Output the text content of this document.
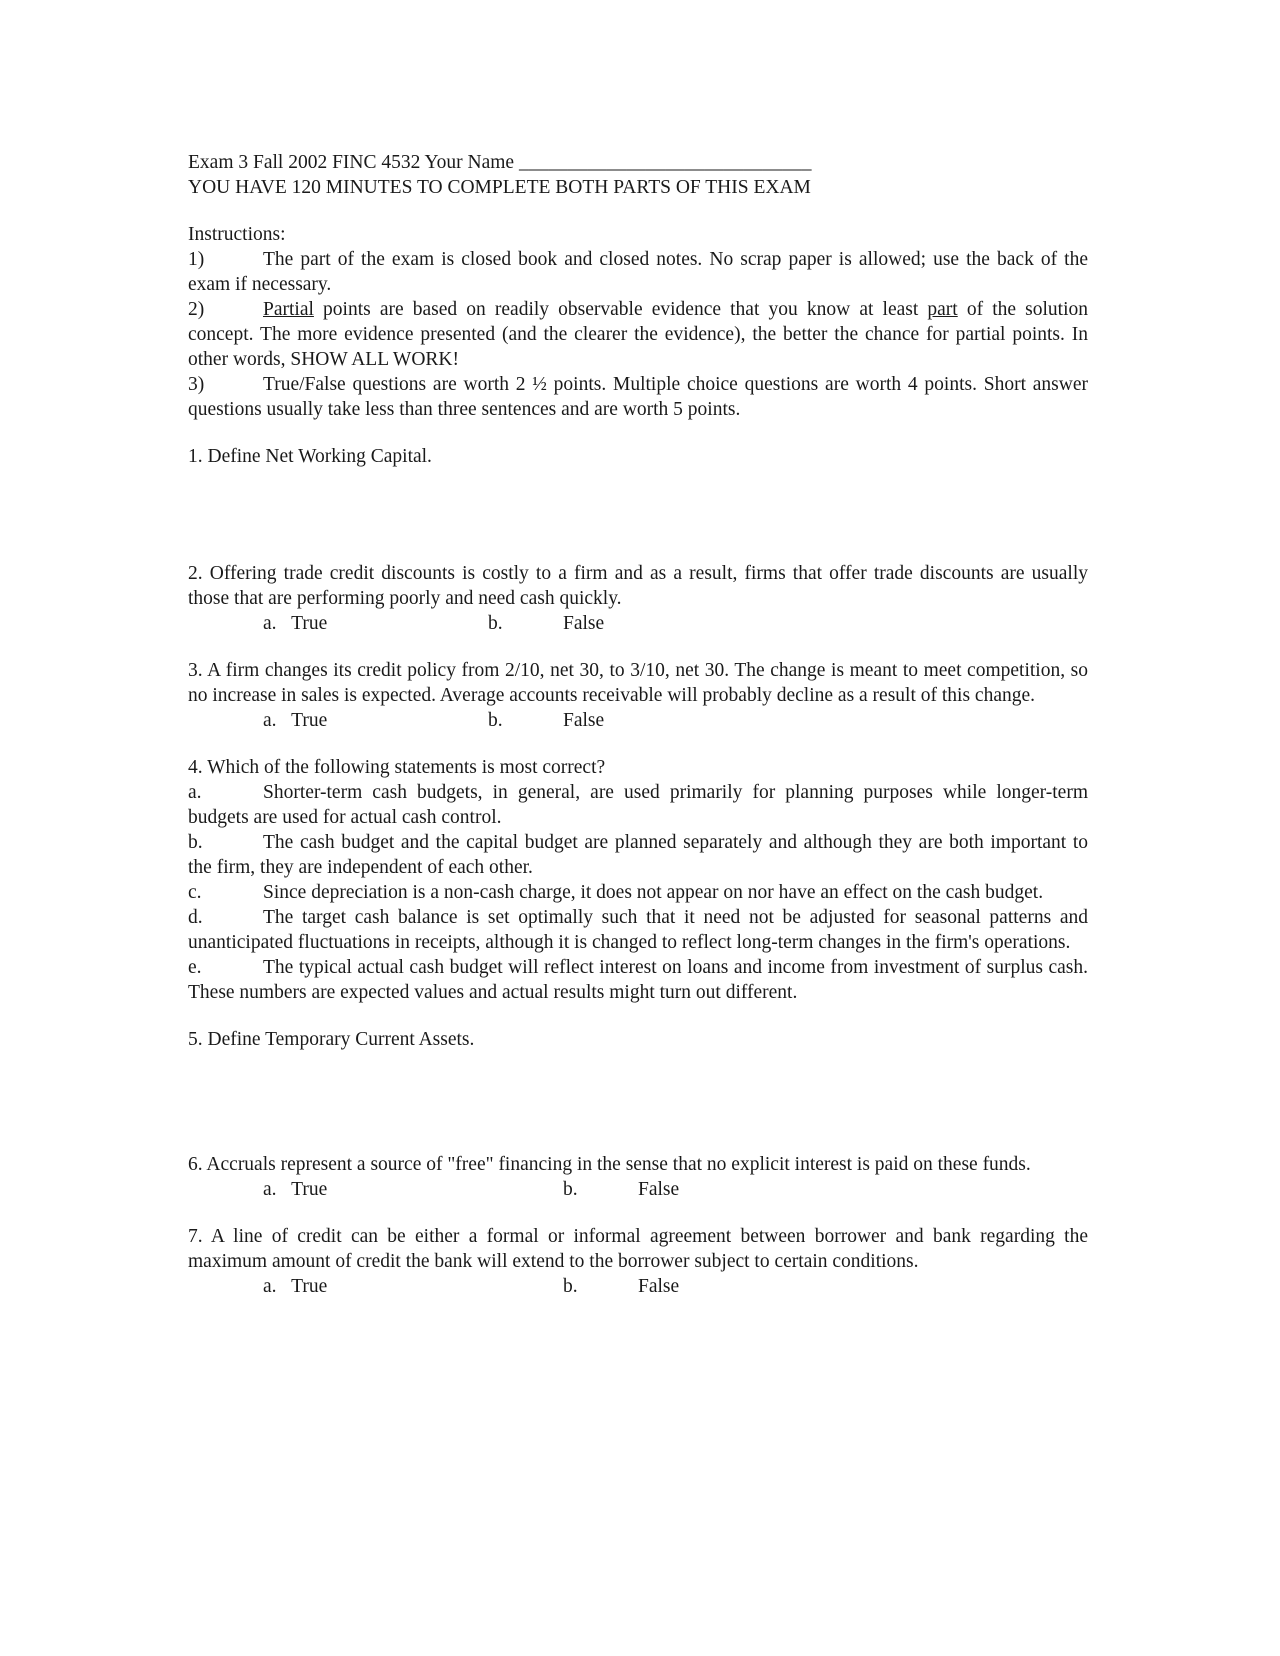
Exam 3 Fall 2002 FINC 4532 Your Name ______________________________
YOU HAVE 120 MINUTES TO COMPLETE BOTH PARTS OF THIS EXAM
Instructions:
1)	The part of the exam is closed book and closed notes. No scrap paper is allowed; use the back of the exam if necessary.
2)	Partial points are based on readily observable evidence that you know at least part of the solution concept. The more evidence presented (and the clearer the evidence), the better the chance for partial points. In other words, SHOW ALL WORK!
3)	True/False questions are worth 2 ½ points. Multiple choice questions are worth 4 points. Short answer questions usually take less than three sentences and are worth 5 points.
1. Define Net Working Capital.
2. Offering trade credit discounts is costly to a firm and as a result, firms that offer trade discounts are usually those that are performing poorly and need cash quickly.
a. True	b.	False
3. A firm changes its credit policy from 2/10, net 30, to 3/10, net 30. The change is meant to meet competition, so no increase in sales is expected. Average accounts receivable will probably decline as a result of this change.
a. True	b.	False
4. Which of the following statements is most correct?
a.	Shorter-term cash budgets, in general, are used primarily for planning purposes while longer-term budgets are used for actual cash control.
b.	The cash budget and the capital budget are planned separately and although they are both important to the firm, they are independent of each other.
c.	Since depreciation is a non-cash charge, it does not appear on nor have an effect on the cash budget.
d.	The target cash balance is set optimally such that it need not be adjusted for seasonal patterns and unanticipated fluctuations in receipts, although it is changed to reflect long-term changes in the firm's operations.
e.	The typical actual cash budget will reflect interest on loans and income from investment of surplus cash. These numbers are expected values and actual results might turn out different.
5. Define Temporary Current Assets.
6. Accruals represent a source of "free" financing in the sense that no explicit interest is paid on these funds.
a. True	b.	False
7. A line of credit can be either a formal or informal agreement between borrower and bank regarding the maximum amount of credit the bank will extend to the borrower subject to certain conditions.
a. True	b.	False
